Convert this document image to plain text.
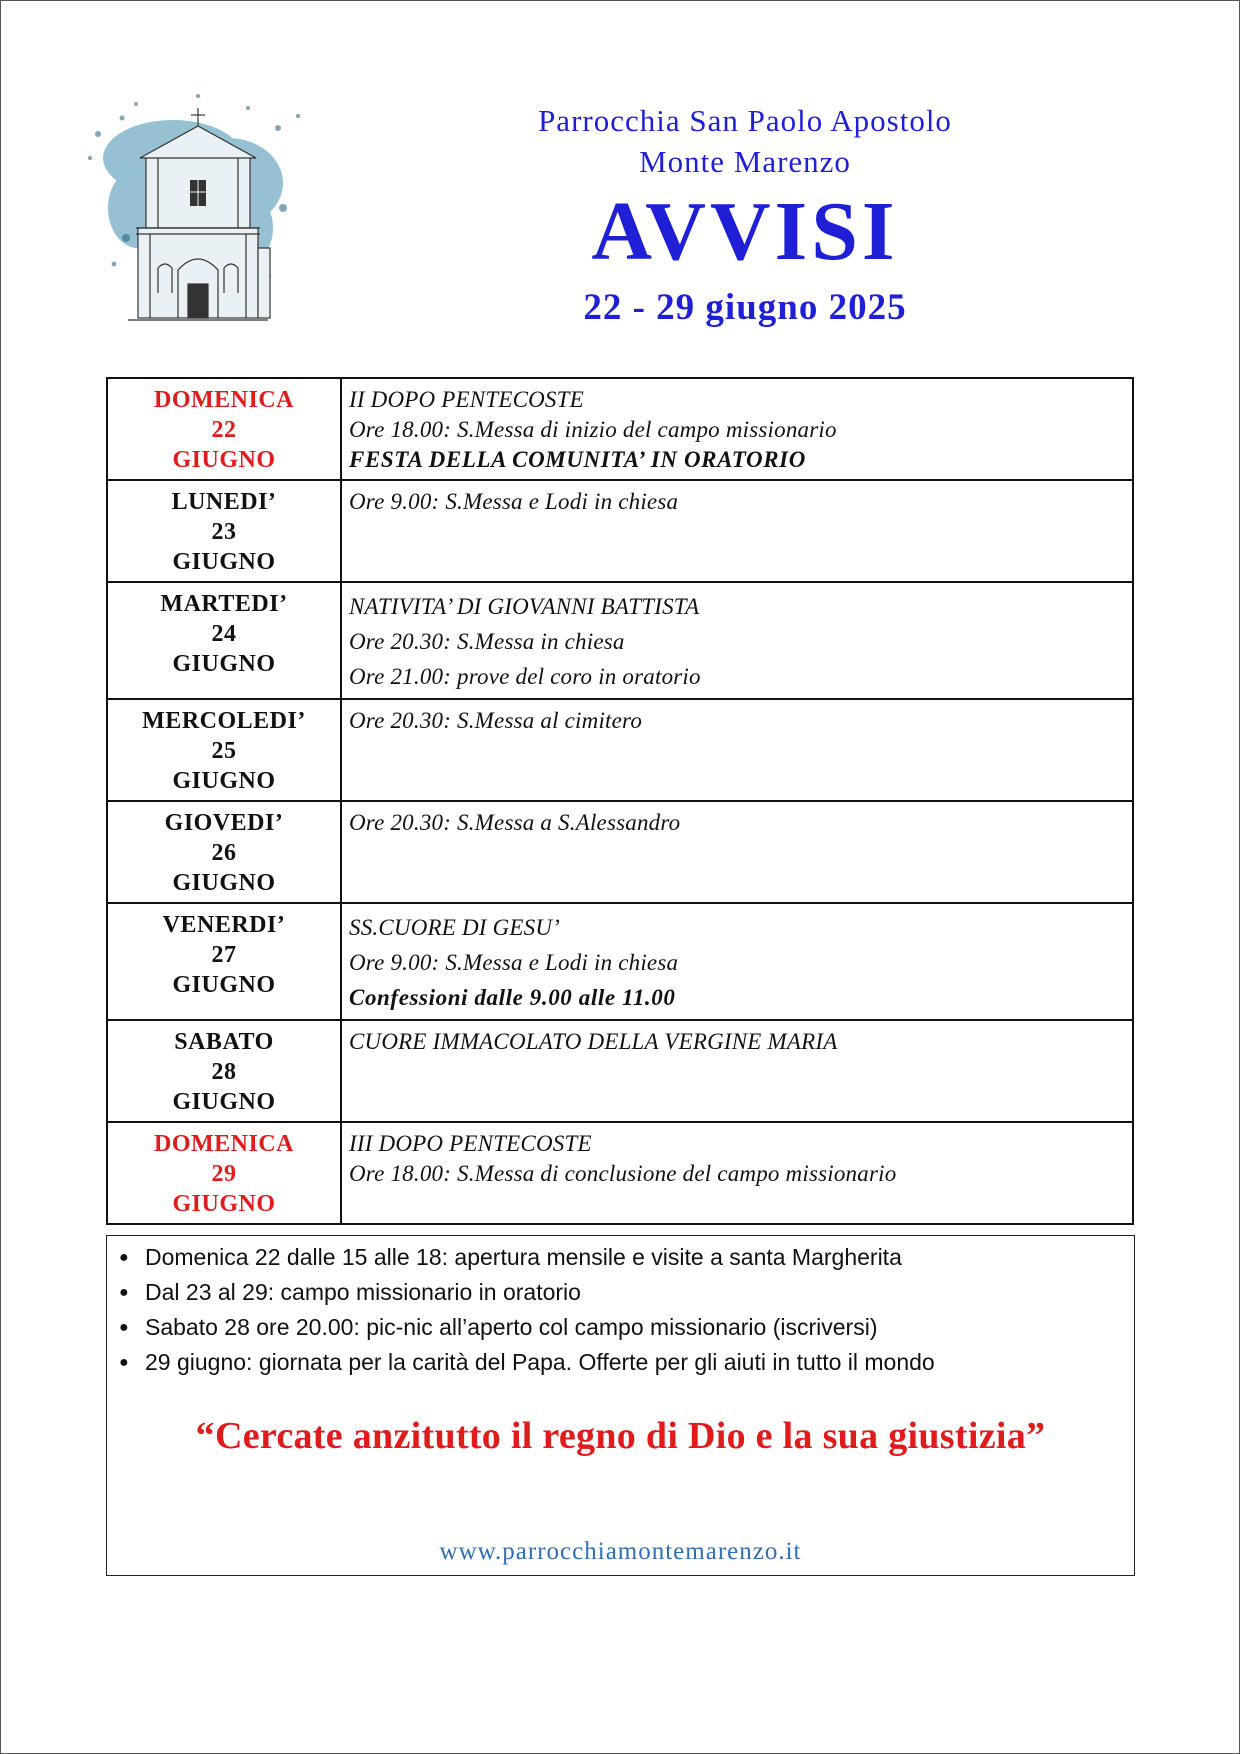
Parrocchia San Paolo Apostolo
Monte Marenzo
AVVISI
22 - 29 giugno 2025
DOMENICA
22
GIUGNO	II DOPO PENTECOSTE
Ore 18.00: S.Messa di inizio del campo missionario
FESTA DELLA COMUNITA’ IN ORATORIO

LUNEDI’
23
GIUGNO	Ore 9.00: S.Messa e Lodi in chiesa

MARTEDI’
24
GIUGNO	NATIVITA’ DI GIOVANNI BATTISTA
Ore 20.30: S.Messa in chiesa
Ore 21.00: prove del coro in oratorio

MERCOLEDI’
25
GIUGNO	Ore 20.30: S.Messa al cimitero

GIOVEDI’
26
GIUGNO	Ore 20.30: S.Messa a S.Alessandro

VENERDI’
27
GIUGNO	SS.CUORE DI GESU’
Ore 9.00: S.Messa e Lodi in chiesa
Confessioni dalle 9.00 alle 11.00

SABATO
28
GIUGNO	CUORE IMMACOLATO DELLA VERGINE MARIA

DOMENICA
29
GIUGNO	III DOPO PENTECOSTE
Ore 18.00: S.Messa di conclusione del campo missionario
● Domenica 22 dalle 15 alle 18: apertura mensile e visite a santa Margherita
● Dal 23 al 29: campo missionario in oratorio
● Sabato 28 ore 20.00: pic-nic all’aperto col campo missionario (iscriversi)
● 29 giugno: giornata per la carità del Papa. Offerte per gli aiuti in tutto il mondo
“Cercate anzitutto il regno di Dio e la sua giustizia”
www.parrocchiamontemarenzo.it
